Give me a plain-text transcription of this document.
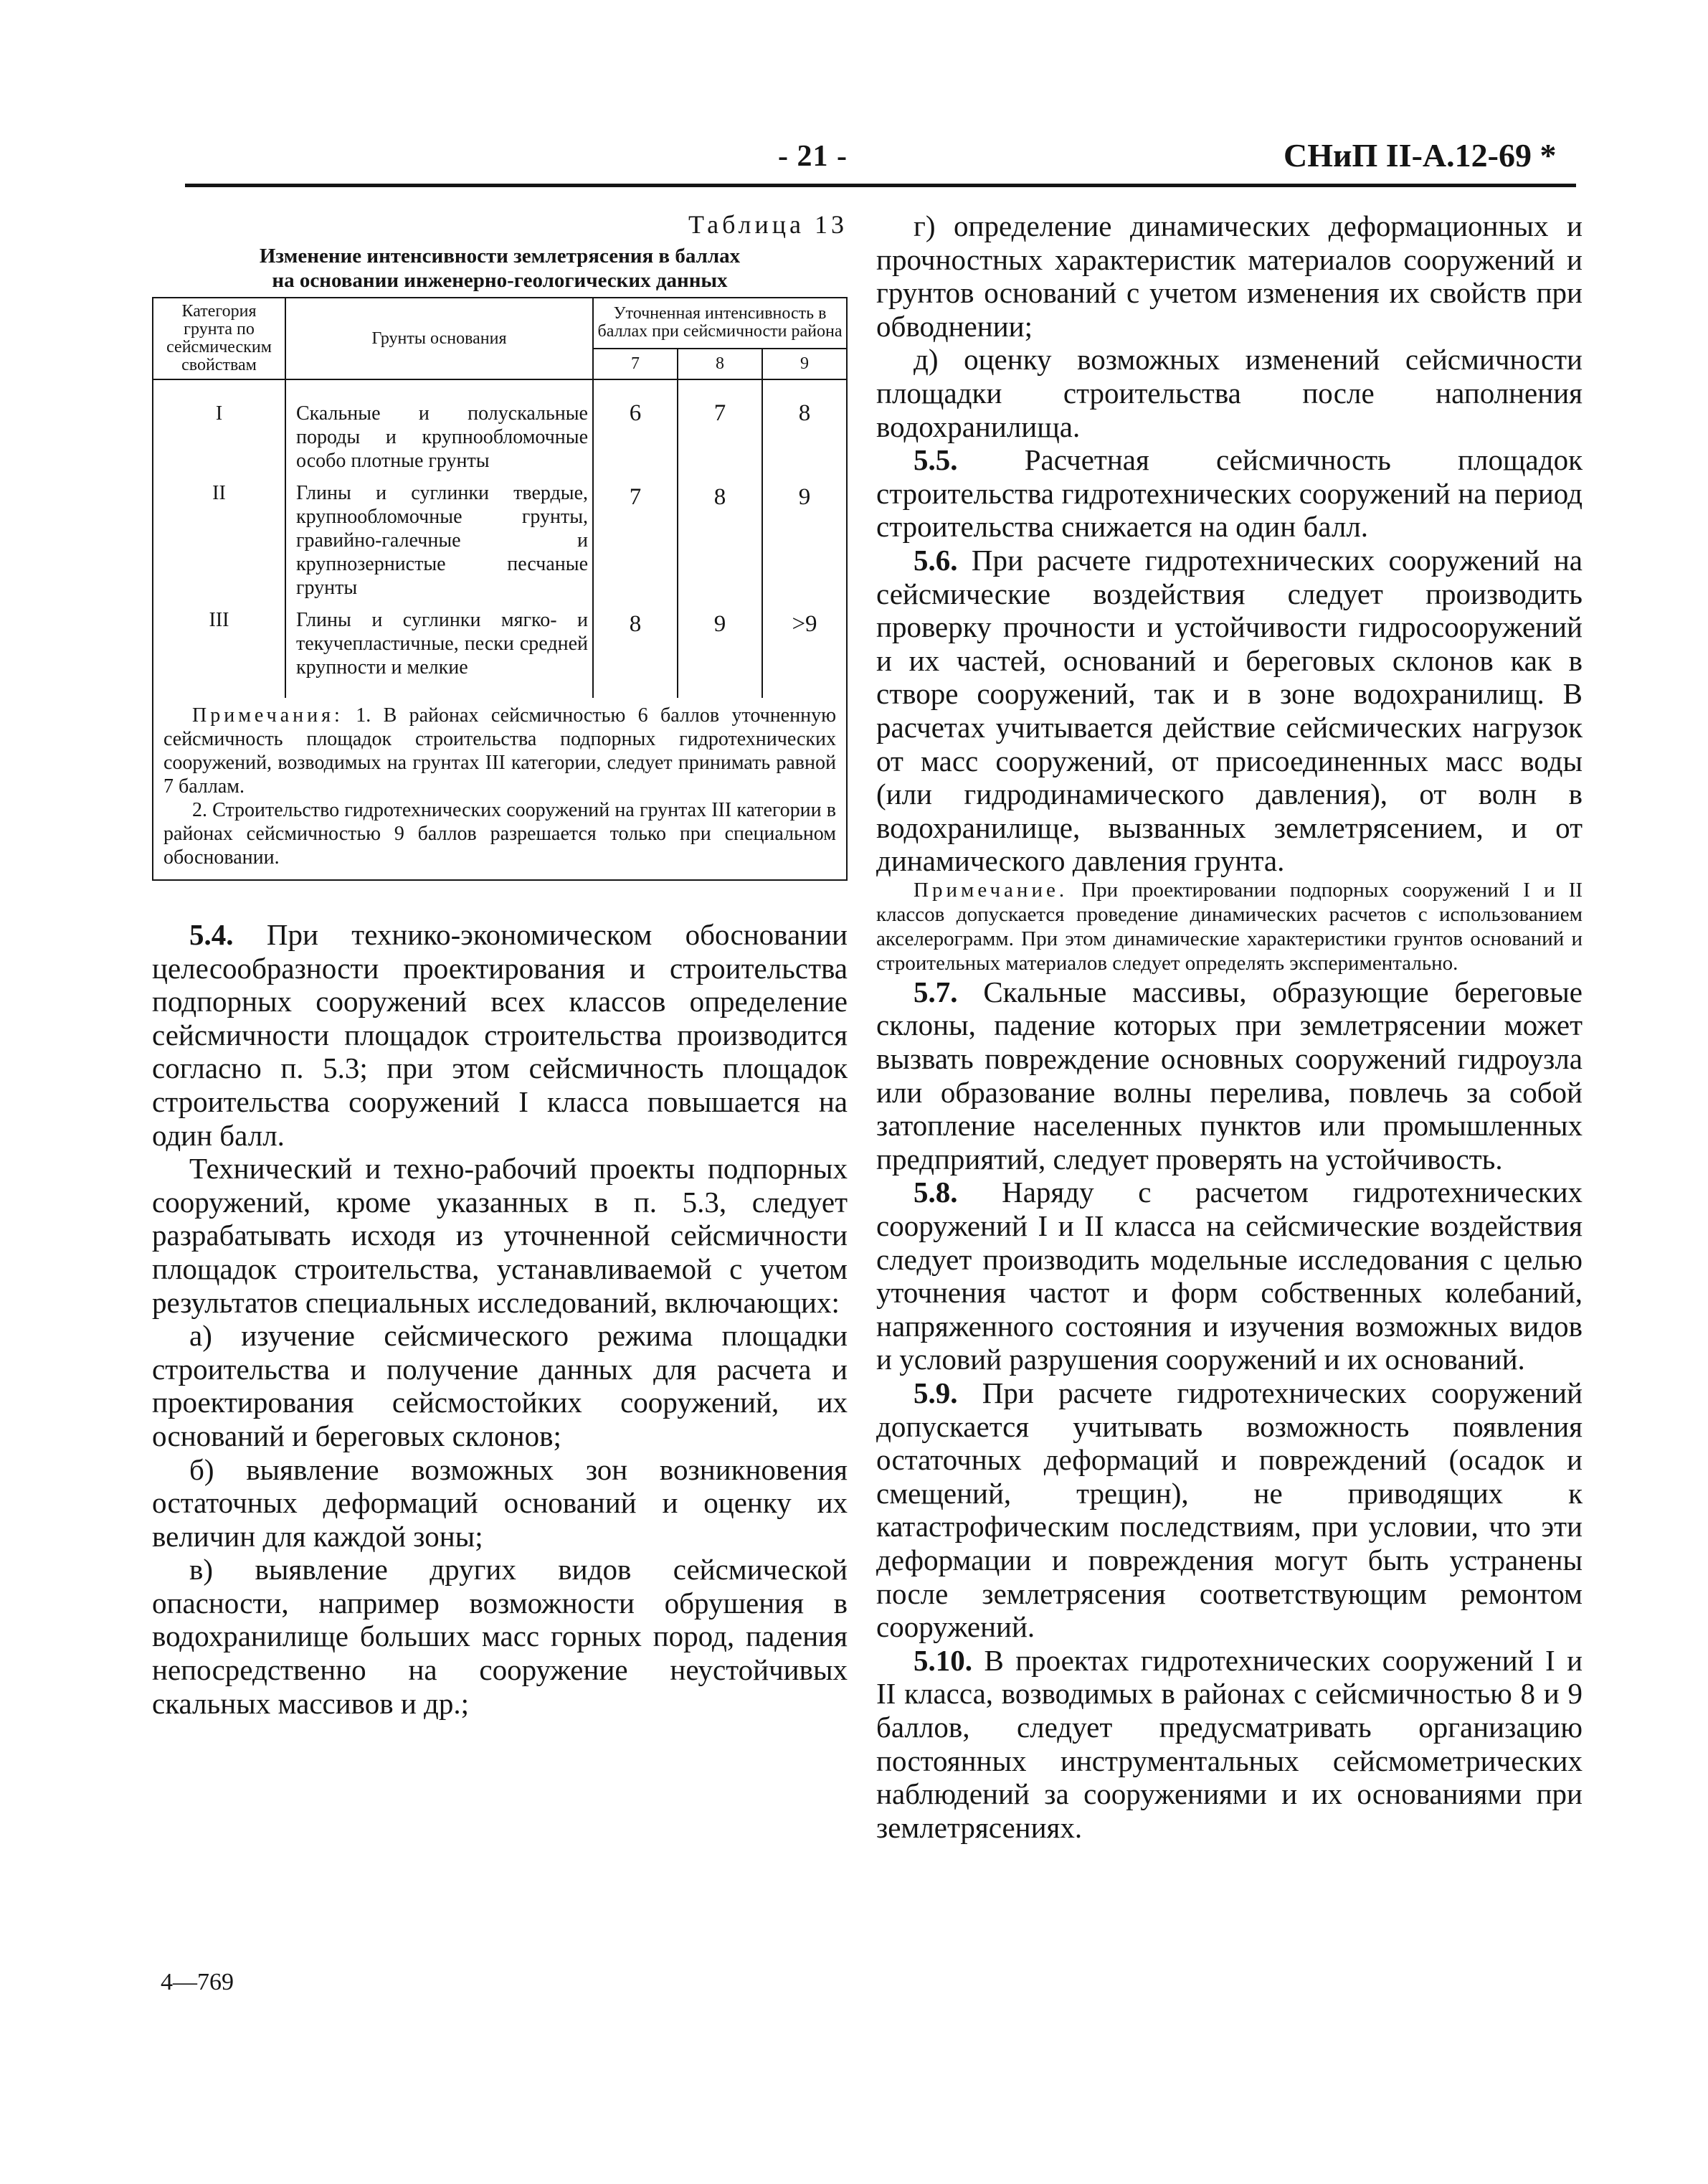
- 21 -	СНиП II-А.12-69 *
Таблица 13
Изменение интенсивности землетрясения в баллах
на основании инженерно-геологических данных
Категория грунта по сейсмическим свойствам	Грунты основания	Уточненная интенсивность в баллах при сейсмичности района		
		7	8	9
I	Скальные и полускальные породы и крупнообломочные особо плотные грунты	6	7	8
II	Глины и суглинки твердые, крупнообломочные грунты, гравийно-галечные и крупнозернистые песчаные грунты	7	8	9
III	Глины и суглинки мягко- и текучепластичные, пески средней крупности и мелкие	8	9	>9

Примечания: 1. В районах сейсмичностью 6 баллов уточненную сейсмичность площадок строительства подпорных гидротехнических сооружений, возводимых на грунтах III категории, следует принимать равной 7 баллам.

2. Строительство гидротехнических сооружений на грунтах III категории в районах сейсмичностью 9 баллов разрешается только при специальном обосновании.

5.4. При технико-экономическом обосновании целесообразности проектирования и строительства подпорных сооружений всех классов определение сейсмичности площадок строительства производится согласно п. 5.3; при этом сейсмичность площадок строительства сооружений I класса повышается на один балл.

Технический и техно-рабочий проекты подпорных сооружений, кроме указанных в п. 5.3, следует разрабатывать исходя из уточненной сейсмичности площадок строительства, устанавливаемой с учетом результатов специальных исследований, включающих:

а) изучение сейсмического режима площадки строительства и получение данных для расчета и проектирования сейсмостойких сооружений, их оснований и береговых склонов;

б) выявление возможных зон возникновения остаточных деформаций оснований и оценку их величин для каждой зоны;

в) выявление других видов сейсмической опасности, например возможности обрушения в водохранилище больших масс горных пород, падения непосредственно на сооружение неустойчивых скальных массивов и др.;

4—769

г) определение динамических деформационных и прочностных характеристик материалов сооружений и грунтов оснований с учетом изменения их свойств при обводнении;

д) оценку возможных изменений сейсмичности площадки строительства после наполнения водохранилища.

5.5. Расчетная сейсмичность площадок строительства гидротехнических сооружений на период строительства снижается на один балл.

5.6. При расчете гидротехнических сооружений на сейсмические воздействия следует производить проверку прочности и устойчивости гидросооружений и их частей, оснований и береговых склонов как в створе сооружений, так и в зоне водохранилищ. В расчетах учитывается действие сейсмических нагрузок от масс сооружений, от присоединенных масс воды (или гидродинамического давления), от волн в водохранилище, вызванных землетрясением, и от динамического давления грунта.

Примечание. При проектировании подпорных сооружений I и II классов допускается проведение динамических расчетов с использованием акселерограмм. При этом динамические характеристики грунтов оснований и строительных материалов следует определять экспериментально.

5.7. Скальные массивы, образующие береговые склоны, падение которых при землетрясении может вызвать повреждение основных сооружений гидроузла или образование волны перелива, повлечь за собой затопление населенных пунктов или промышленных предприятий, следует проверять на устойчивость.

5.8. Наряду с расчетом гидротехнических сооружений I и II класса на сейсмические воздействия следует производить модельные исследования с целью уточнения частот и форм собственных колебаний, напряженного состояния и изучения возможных видов и условий разрушения сооружений и их оснований.

5.9. При расчете гидротехнических сооружений допускается учитывать возможность появления остаточных деформаций и повреждений (осадок и смещений, трещин), не приводящих к катастрофическим последствиям, при условии, что эти деформации и повреждения могут быть устранены после землетрясения соответствующим ремонтом сооружений.

5.10. В проектах гидротехнических сооружений I и II класса, возводимых в районах с сейсмичностью 8 и 9 баллов, следует предусматривать организацию постоянных инструментальных сейсмометрических наблюдений за сооружениями и их основаниями при землетрясениях.
